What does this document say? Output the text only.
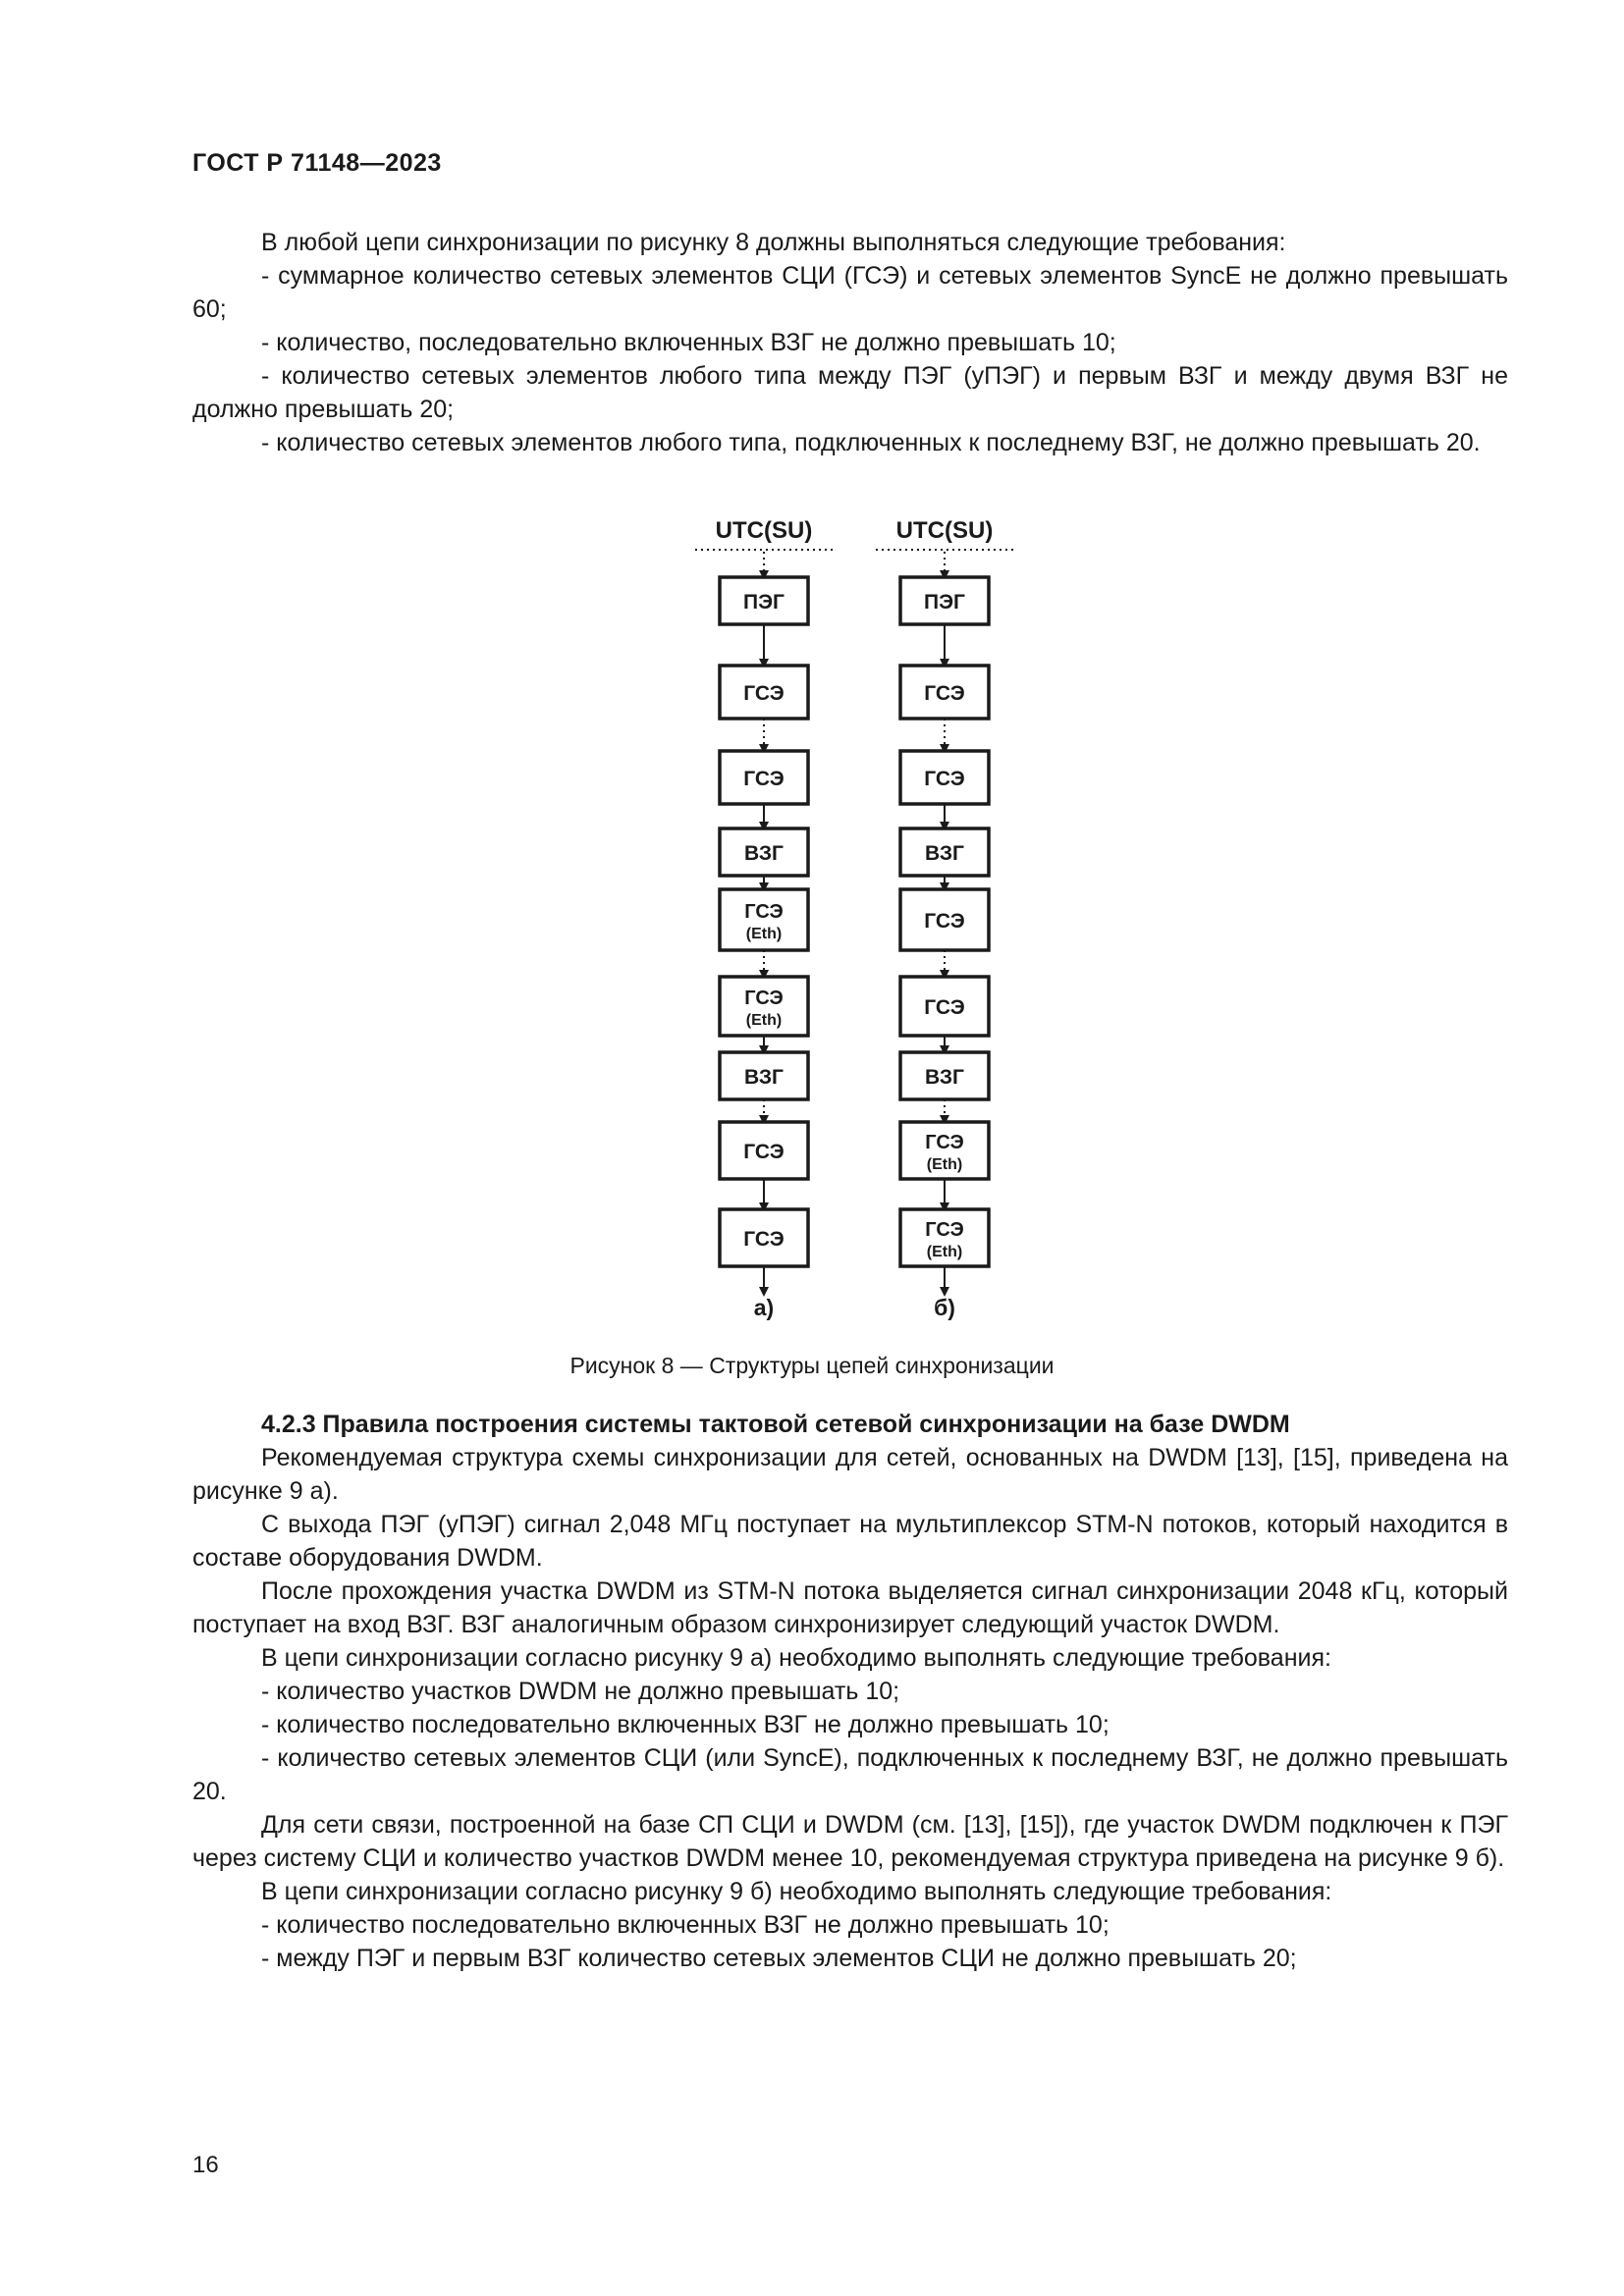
ГОСТ Р 71148—2023

В любой цепи синхронизации по рисунку 8 должны выполняться следующие требования:

- суммарное количество сетевых элементов СЦИ (ГСЭ) и сетевых элементов SyncE не должно превышать 60;

- количество, последовательно включенных ВЗГ не должно превышать 10;

- количество сетевых элементов любого типа между ПЭГ (уПЭГ) и первым ВЗГ и между двумя ВЗГ не должно превышать 20;

- количество сетевых элементов любого типа, подключенных к последнему ВЗГ, не должно превышать 20.

UTC(SU)
ПЭГ
ГСЭ
ГСЭ
ВЗГ
ГСЭ
(Eth)
ГСЭ
(Eth)
ВЗГ
ГСЭ
ГСЭ
а)
UTC(SU)
ПЭГ
ГСЭ
ГСЭ
ВЗГ
ГСЭ
ГСЭ
ВЗГ
ГСЭ
(Eth)
ГСЭ
(Eth)
б)
Рисунок 8 — Структуры цепей синхронизации

4.2.3 Правила построения системы тактовой сетевой синхронизации на базе DWDM

Рекомендуемая структура схемы синхронизации для сетей, основанных на DWDM [13], [15], приведена на рисунке 9 а).

С выхода ПЭГ (уПЭГ) сигнал 2,048 МГц поступает на мультиплексор STM-N потоков, который находится в составе оборудования DWDM.

После прохождения участка DWDM из STM-N потока выделяется сигнал синхронизации 2048 кГц, который поступает на вход ВЗГ. ВЗГ аналогичным образом синхронизирует следующий участок DWDM.

В цепи синхронизации согласно рисунку 9 а) необходимо выполнять следующие требования:

- количество участков DWDM не должно превышать 10;

- количество последовательно включенных ВЗГ не должно превышать 10;

- количество сетевых элементов СЦИ (или SyncE), подключенных к последнему ВЗГ, не должно превышать 20.

Для сети связи, построенной на базе СП СЦИ и DWDM (см. [13], [15]), где участок DWDM подключен к ПЭГ через систему СЦИ и количество участков DWDM менее 10, рекомендуемая структура приведена на рисунке 9 б).

В цепи синхронизации согласно рисунку 9 б) необходимо выполнять следующие требования:

- количество последовательно включенных ВЗГ не должно превышать 10;

- между ПЭГ и первым ВЗГ количество сетевых элементов СЦИ не должно превышать 20;

16
